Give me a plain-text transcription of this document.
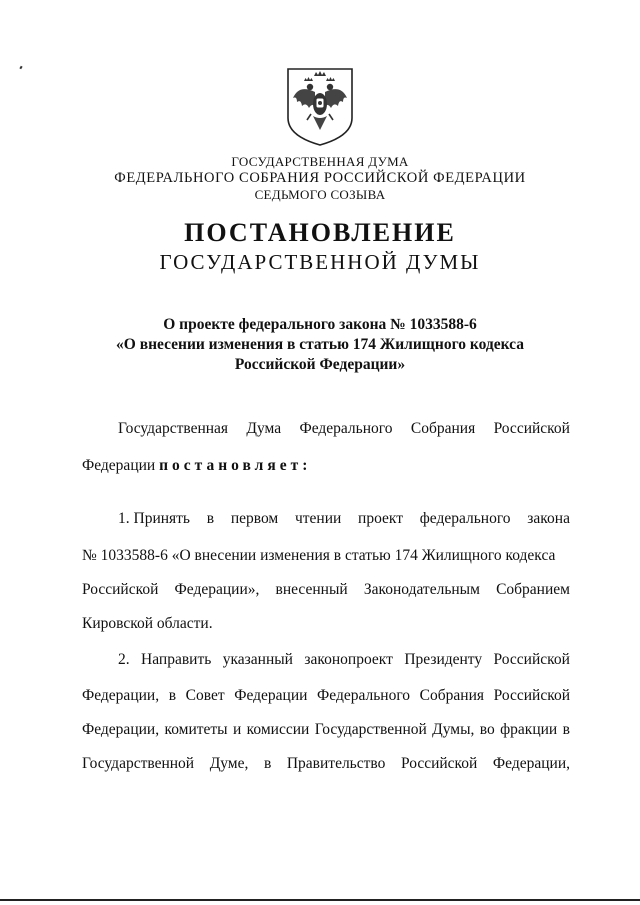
ГОСУДАРСТВЕННАЯ ДУМА
ФЕДЕРАЛЬНОГО СОБРАНИЯ РОССИЙСКОЙ ФЕДЕРАЦИИ
СЕДЬМОГО СОЗЫВА
ПОСТАНОВЛЕНИЕ
ГОСУДАРСТВЕННОЙ ДУМЫ
О проекте федерального закона № 1033588-6
«О внесении изменения в статью 174 Жилищного кодекса
Российской Федерации»
Государственная Дума Федерального Собрания Российской
Федерации постановляет:
1. Принять в первом чтении проект федерального закона
№ 1033588-6 «О внесении изменения в статью 174 Жилищного кодекса
Российской Федерации», внесенный Законодательным Собранием
Кировской области.
2. Направить указанный законопроект Президенту Российской
Федерации, в Совет Федерации Федерального Собрания Российской
Федерации, комитеты и комиссии Государственной Думы, во фракции в
Государственной Думе, в Правительство Российской Федерации,
